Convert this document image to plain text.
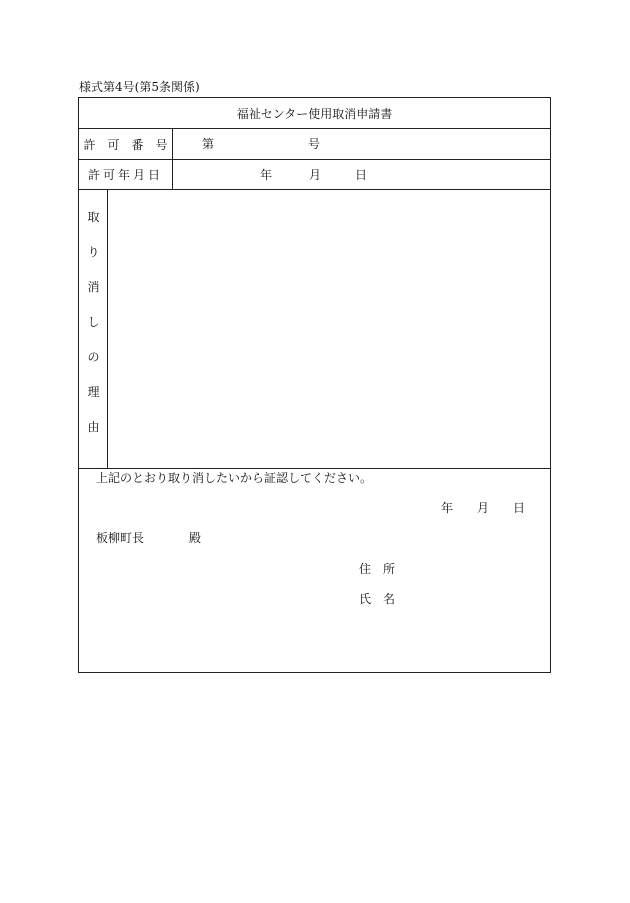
様式第4号(第5条関係)
福祉センター使用取消申請書
許　可　番　号	第	号
許可年月日	年	月	日
取
り
消
し
の
理
由
上記のとおり取り消したいから証認してください。
年 月 日
板柳町長	殿
住　所
氏　名
